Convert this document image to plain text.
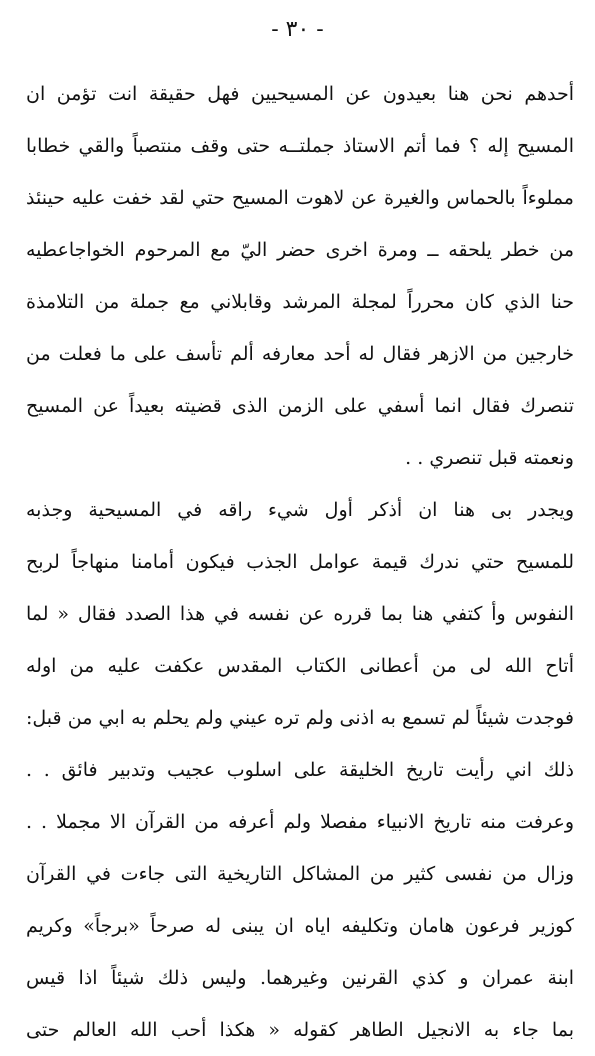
- ٣٠ -
أحدهم نحن هنا بعيدون عن المسيحيين فهل حقيقة انت تؤمن ان
المسيح إله ؟ فما أتم الاستاذ جملتــه حتى وقف منتصباً والقي خطابا
مملوءاً بالحماس والغيرة عن لاهوت المسيح حتي لقد خفت عليه حينئذ
من خطر يلحقه ــ ومرة اخرى حضر اليّ مع المرحوم الخواجاعطيه
حنا الذي كان محرراً لمجلة المرشد وقابلاني مع جملة من التلامذة
خارجين من الازهر فقال له أحد معارفه ألم تأسف على ما فعلت من
تنصرك فقال انما أسفي على الزمن الذى قضيته بعيداً عن المسيح
ونعمته قبل تنصري . .
ويجدر بى هنا ان أذكر أول شيء راقه في المسيحية وجذبه
للمسيح حتي ندرك قيمة عوامل الجذب فيكون أمامنا منهاجاً لربح
النفوس وأ كتفي هنا بما قرره عن نفسه في هذا الصدد فقال « لما
أتاح الله لى من أعطانى الكتاب المقدس عكفت عليه من اوله
فوجدت شيئاً لم تسمع به اذنى ولم تره عيني ولم يحلم به ابي من قبل:
ذلك اني رأيت تاريخ الخليقة على اسلوب عجيب وتدبير فائق . .
وعرفت منه تاريخ الانبياء مفصلا ولم أعرفه من القرآن الا مجملا . .
وزال من نفسى كثير من المشاكل التاريخية التى جاءت في القرآن
كوزير فرعون هامان وتكليفه اياه ان يبنى له صرحاً «برجاً» وكريم
ابنة عمران و كذي القرنين وغيرهما. وليس ذلك شيئاً اذا قيس
بما جاء به الانجيل الطاهر كقوله « هكذا أحب الله العالم حتى
